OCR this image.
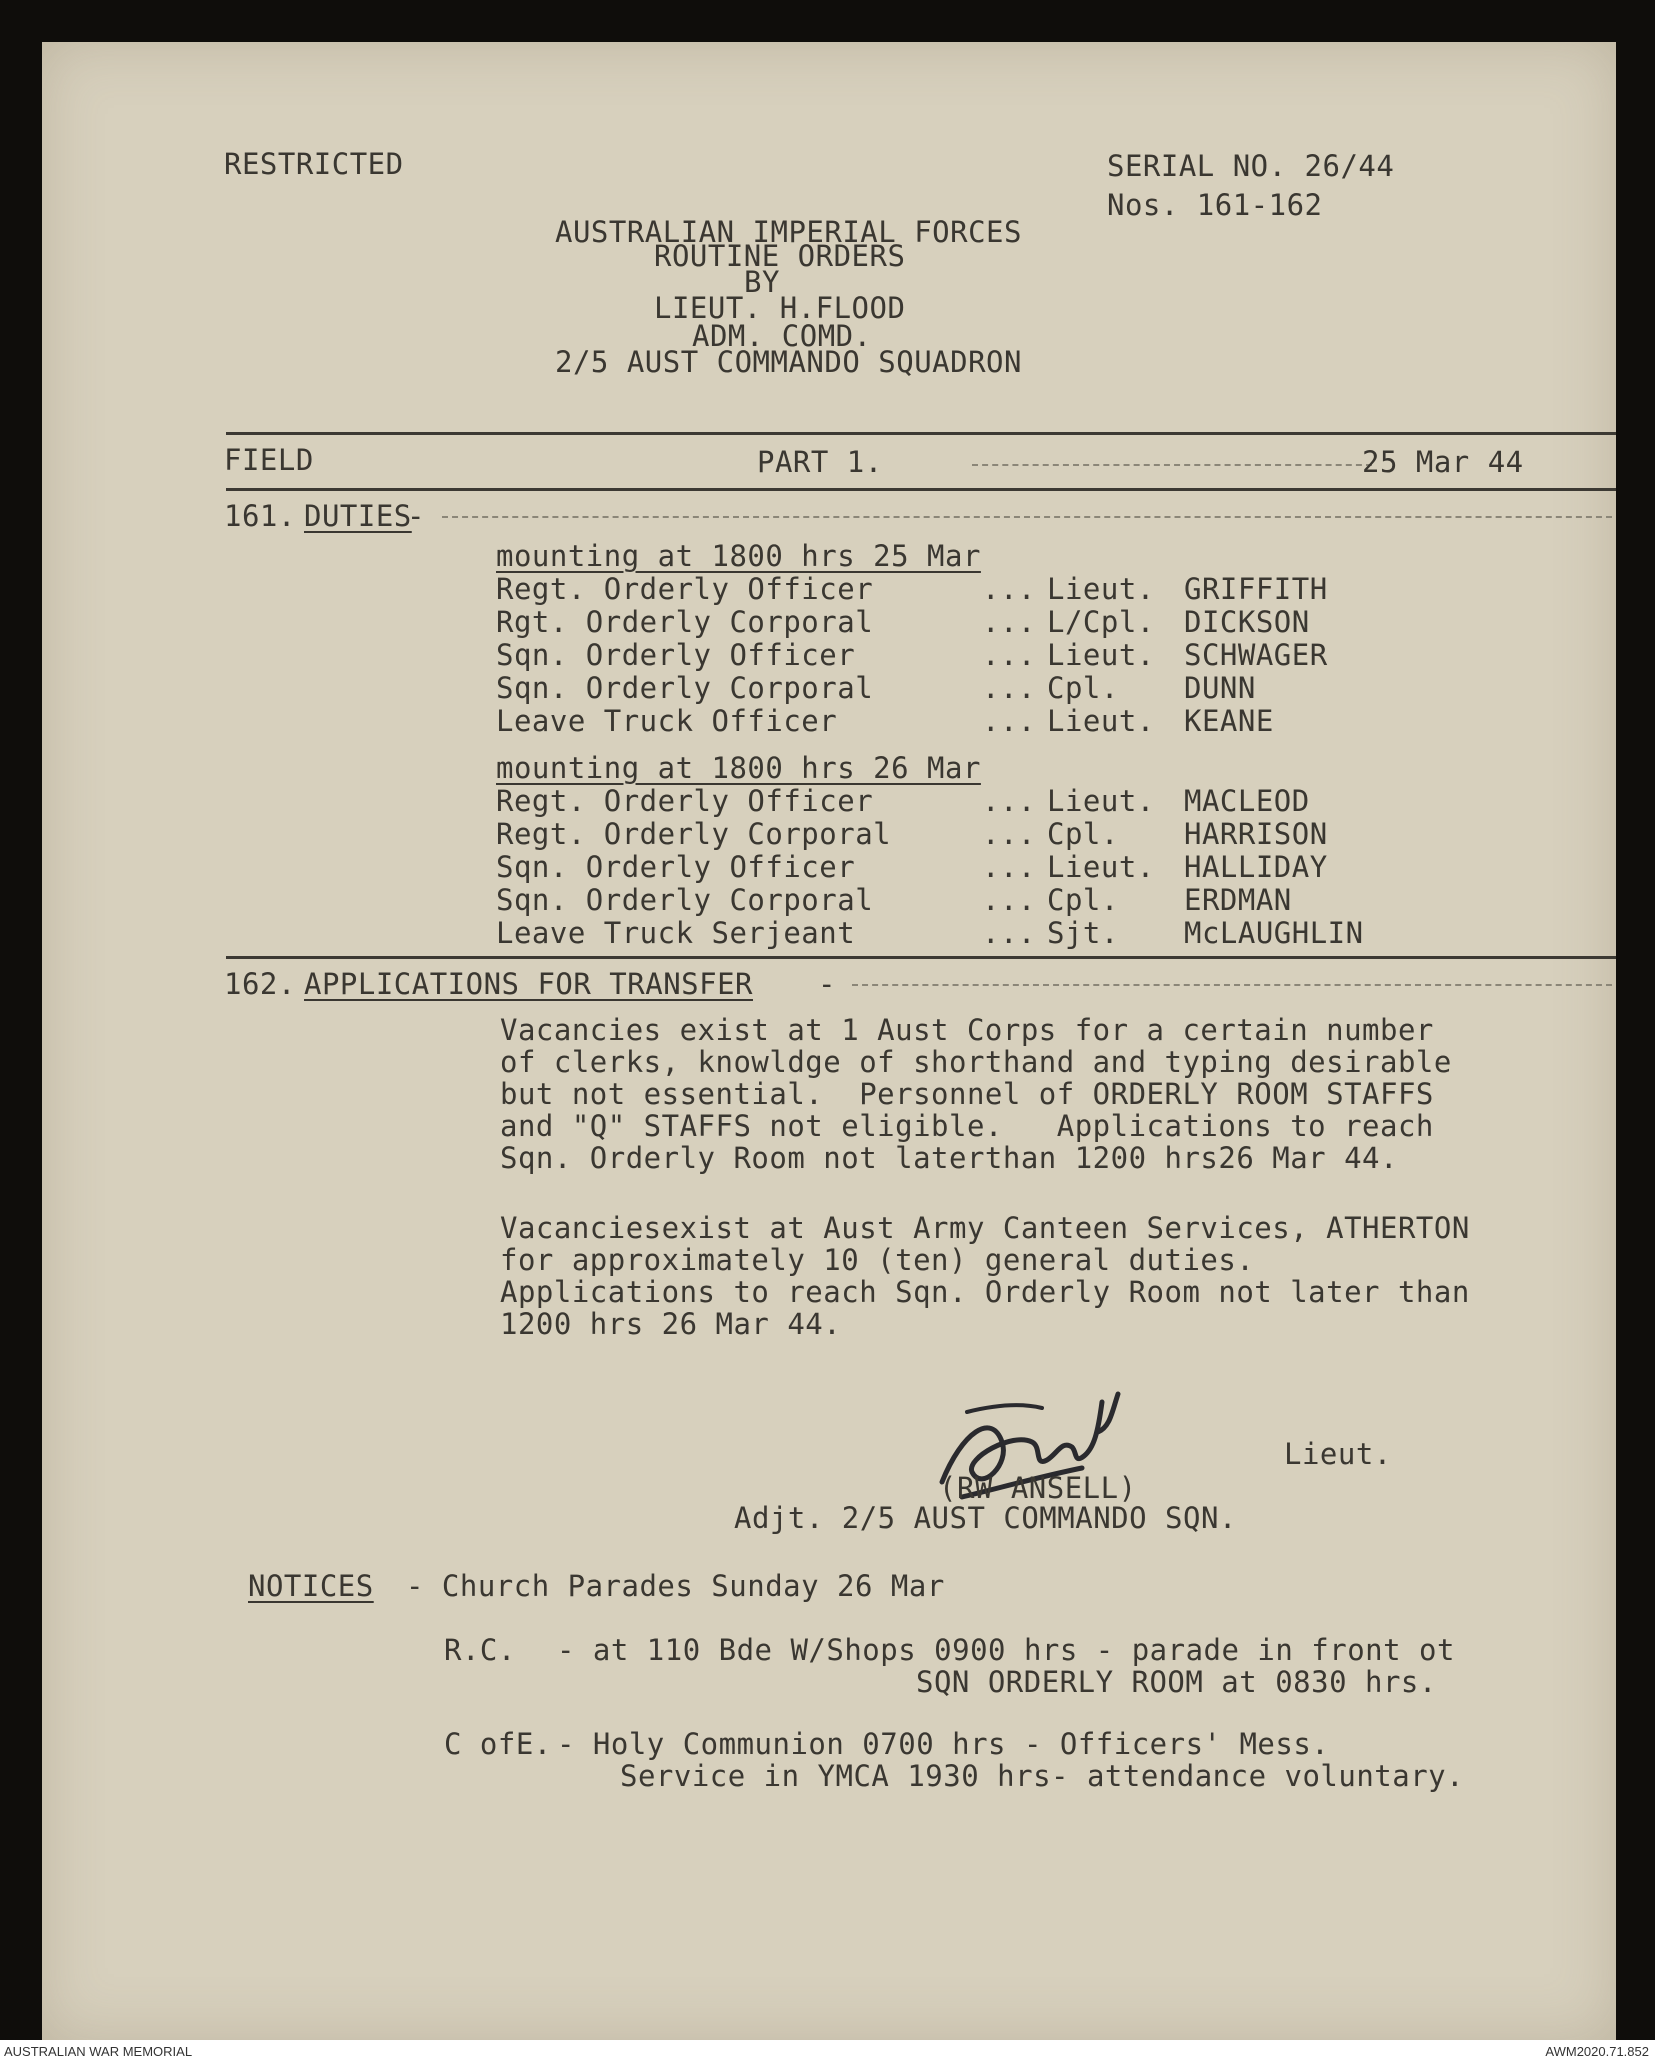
RESTRICTED	SERIAL NO. 26/44
Nos. 161-162
AUSTRALIAN IMPERIAL FORCES
ROUTINE ORDERS
BY
LIEUT. H.FLOOD
ADM. COMD.
2/5 AUST COMMANDO SQUADRON
FIELD	PART 1.	25 Mar 44
161. DUTIES
-
mounting at 1800 hrs 25 Mar
Regt. Orderly Officer	... Lieut. GRIFFITH
Rgt. Orderly Corporal	... L/Cpl. DICKSON
Sqn. Orderly Officer	... Lieut. SCHWAGER
Sqn. Orderly Corporal	... Cpl. DUNN
Leave Truck Officer	... Lieut. KEANE
mounting at 1800 hrs 26 Mar
Regt. Orderly Officer	... Lieut. MACLEOD
Regt. Orderly Corporal	... Cpl. HARRISON
Sqn. Orderly Officer	... Lieut. HALLIDAY
Sqn. Orderly Corporal	... Cpl. ERDMAN
Leave Truck Serjeant	... Sjt. McLAUGHLIN
162. APPLICATIONS FOR TRANSFER -
Vacancies exist at 1 Aust Corps for a certain number
of clerks, knowldge of shorthand and typing desirable
but not essential.  Personnel of ORDERLY ROOM STAFFS
and "Q" STAFFS not eligible.   Applications to reach
Sqn. Orderly Room not laterthan 1200 hrs26 Mar 44.
Vacanciesexist at Aust Army Canteen Services, ATHERTON
for approximately 10 (ten) general duties.
Applications to reach Sqn. Orderly Room not later than
1200 hrs 26 Mar 44.
Lieut.
(RW ANSELL)
Adjt. 2/5 AUST COMMANDO SQN.
NOTICES - Church Parades Sunday 26 Mar
R.C. - at 110 Bde W/Shops 0900 hrs - parade in front ot
SQN ORDERLY ROOM at 0830 hrs.
C ofE. - Holy Communion 0700 hrs - Officers' Mess.
Service in YMCA 1930 hrs- attendance voluntary.
AUSTRALIAN WAR MEMORIAL	AWM2020.71.852
